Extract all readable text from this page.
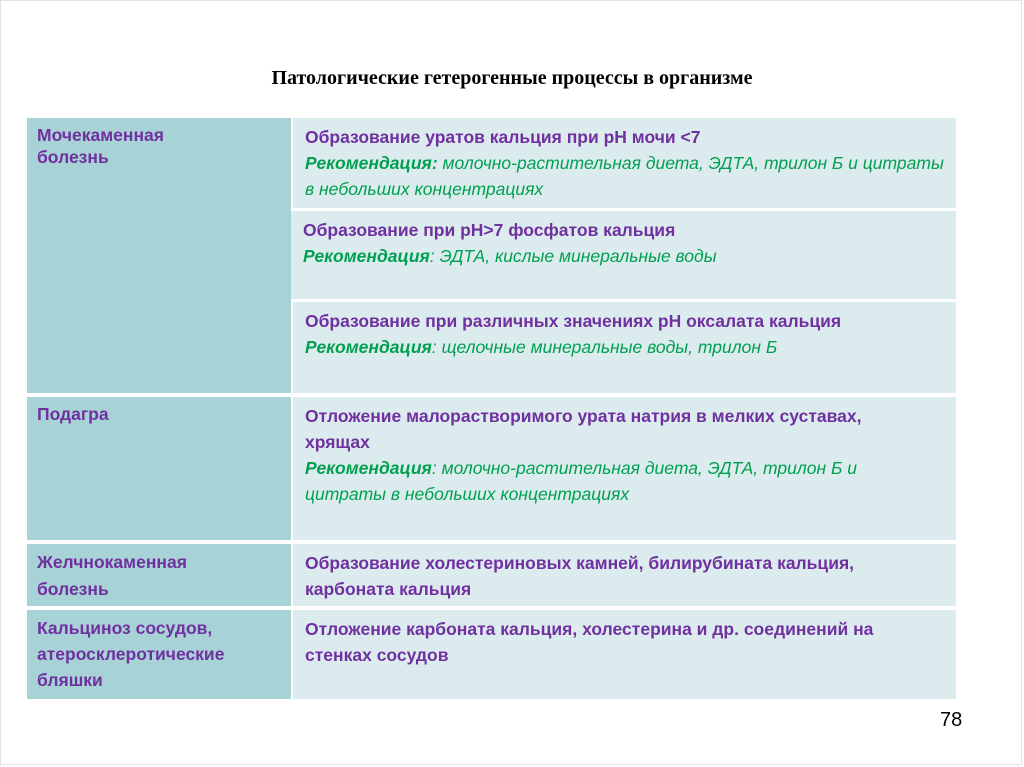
Патологические гетерогенные процессы в организме
Мочекаменная болезнь
Образование уратов кальция при рН мочи <7
Рекомендация: молочно-растительная диета, ЭДТА, трилон Б и цитраты в небольших концентрациях
Образование при рН>7 фосфатов кальция
Рекомендация: ЭДТА, кислые минеральные воды
Образование при различных значениях рН оксалата кальция
Рекомендация: щелочные минеральные воды, трилон Б
Подагра	Отложение малорастворимого урата натрия в мелких суставах, хрящах
Рекомендация: молочно-растительная диета, ЭДТА, трилон Б и цитраты в небольших концентрациях
Желчнокаменная болезнь
Образование холестериновых камней, билирубината кальция, карбоната кальция
Кальциноз сосудов, атеросклеротические бляшки
Отложение карбоната кальция, холестерина и др. соединений на стенках сосудов
78
